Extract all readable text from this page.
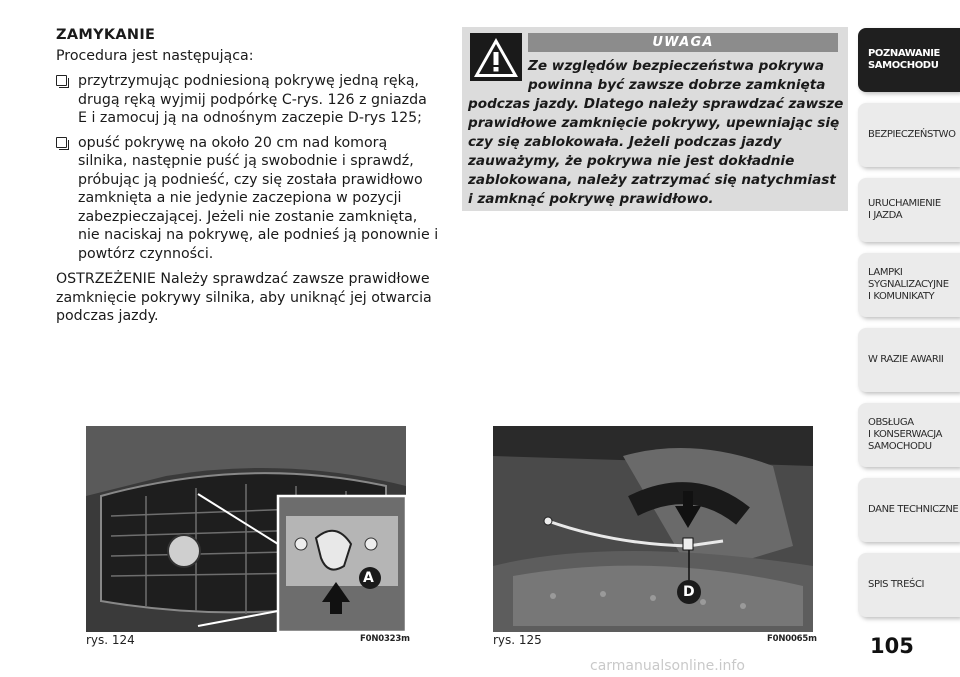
ZAMYKANIE

Procedura jest następująca:

przytrzymując podniesioną pokrywę jedną ręką, drugą ręką wyjmij podpórkę C-rys. 126 z gniazda E i zamocuj ją na odnośnym zaczepie D-rys 125;
opuść pokrywę na około 20 cm nad komorą silnika, następnie puść ją swobodnie i sprawdź, próbując ją podnieść, czy się została prawidłowo zamknięta a nie jedynie zaczepiona w pozycji zabezpieczającej. Jeżeli nie zostanie zamknięta, nie naciskaj na pokrywę, ale podnieś ją ponownie i powtórz czynności.

OSTRZEŻENIE Należy sprawdzać zawsze prawidłowe zamknięcie pokrywy silnika, aby uniknąć jej otwarcia podczas jazdy.

UWAGA
Ze względów bezpieczeństwa pokrywa
powinna być zawsze dobrze zamknięta
podczas jazdy. Dlatego należy sprawdzać zawsze prawidłowe zamknięcie pokrywy, upewniając się czy się zablokowała. Jeżeli podczas jazdy zauważymy, że pokrywa nie jest dokładnie zablokowana, należy zatrzymać się natychmiast i zamknąć pokrywę prawidłowo.
POZNAWANIE
SAMOCHODU
BEZPIECZEŃSTWO
URUCHAMIENIE
I JAZDA
LAMPKI
SYGNALIZACYJNE
I KOMUNIKATY
W RAZIE AWARII
OBSŁUGA
I KONSERWACJA
SAMOCHODU
DANE TECHNICZNE
SPIS TREŚCI
A
rys. 124	F0N0323m
D
rys. 125	F0N0065m	105
carmanualsonline.info
